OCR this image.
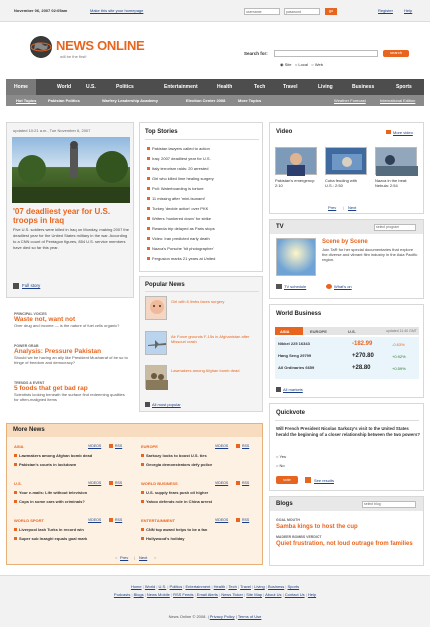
November 06, 2007 02:05am	Make this site your homepage	username	password	go	Register	Help
NEWS ONLINE
will be the first!
Search for:	search
◉ Site ○ Local ○ Web
Home	World	U.S.	Politics	Entertainment	Health	Tech	Travel	Living	Business	Sports
Hot Topics	Pakistan Politics	Warfrey Leadership Academy	Election Center 2008	More Topics	Weather Forecast	International Edition
updated 10:21 a.m., Tue November 6, 2007
'07 deadliest year for U.S. troops in Iraq
Five U.S. soldiers were killed in Iraq on Monday, making 2007 the deadliest year for the United States military in the war. According to a CNN count of Pentagon figures, 854 U.S. service members have died so far this year.
Full story
PRINCIPAL VOICES
Waste not, want not
Over drug and income — is the nature of fuel cells organic?
POWER GRAB
Analysis: Pressure Pakistan
Should we be having an ally like President Musharraf of be so to fringe of freedom and democracy?
TRENDS & EVENT
5 foods that get bad rap
Scientists looking beneath the surface find redeeming qualities for often-maligned items
Top Stories
Pakistan lawyers called to action
Iraq: 2007 deadliest year for U.S.
Italy terrorism raids: 20 arrested
Girl who killed lime healing surgery
Poll: Waterboarding is torture
11 missing after 'mini-tsunami'
Turkey 'decide action' over PKK
Writers 'hunkered down' for strike
Rwanda trip delayed as Paris stops
Video: Iran predicted early death
Nazca's Porsche 'hit photographer'
Fergusion marks 21 years at United
Popular News
Girl with 8 limbs faces surgery
Air Force grounds F-15s in Afghanistan after Missouri crash
Lawmakers among Afghan bomb dead
All most popular
Video	More video
Pakistan's emergency: 2:10
Cuba feuding with U.S.: 2:50
Nazca in the beat: Nebula: 2:54
Prev | Next
TV	select program
Scene by Scene
Join TaR for her special documentaries that explore the diverse and vibrant film industry in the Asia Pacific region.
TV schedule	What's on
World Business
ASIA	EUROPE	U.S.	updated 11:40 GMT
All markets
Nikkei 225 16343	-182.99	-0.63%
Hang Seng 29799	+270.80	+0.92%
All Ordinaries 6659	+28.80	+0.59%
Quickvote
Will French President Nicolas Sarkozy's visit to the United States herald the beginning of a closer relationship between the two powers?
○ Yes
○ No
vote	See results
Blogs	select blog
GOAL MOUTH
Samba kings to host the cup
MADEER BOMBS VERDICT
Quiet frustration, not loud outrage from families
More News
< Prev | Next >
ASIA	VIDEOS	RSS
Lawmakers among Afghan bomb dead
Pakistan's courts in lockdown
EUROPE	VIDEOS	RSS
Sarkozy looks to boost U.S. ties
Georgia demonstrators defy police
U.S.	VIDEOS	RSS
Your e-mails: Life without television
Cops in some cars with criminals?
WORLD BUSINESS	VIDEOS	RSS
U.S. supply fears push oil higher
Yahoo defends role in China arrest
WORLD SPORT	VIDEOS	RSS
Liverpool lash Turks in record win
Super sub Inzaghi equals goal mark
ENTERTAINMENT	VIDEOS	RSS
CNN top award helps to be a fan
Hollywood's holiday
Home | World | U.S. | Politics | Entertainment | Health | Tech | Travel | Living | Business | Sports
Podcasts | Blogs | News Mobile | RSS Feeds | Email Alerts | News Ticker | Site Map | About Us | Contact Us | Help
News Online © 2008. | Privacy Policy | Terms of Use
